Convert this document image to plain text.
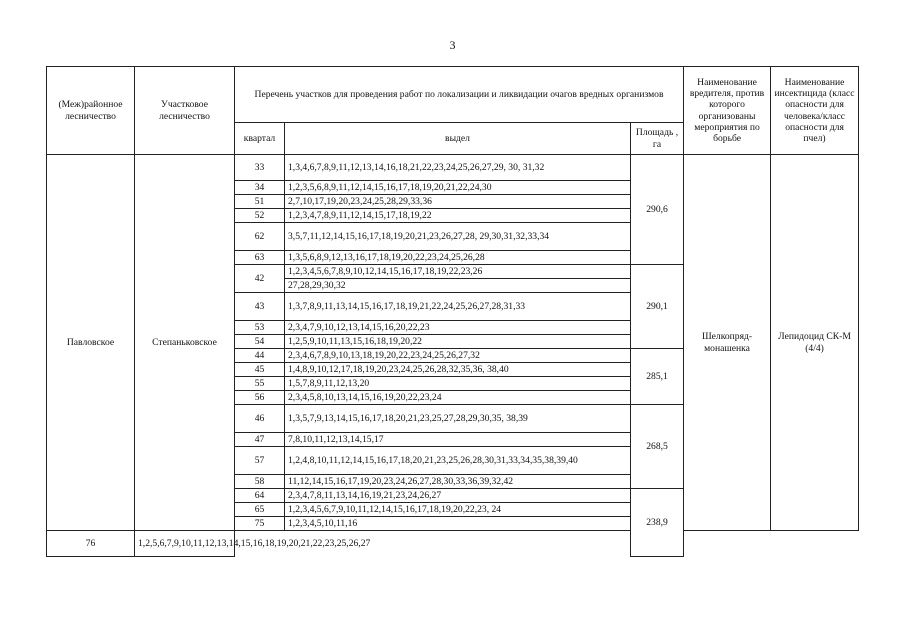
3
(Меж)районное лесничество	Участковое лесничество	Перечень участков для проведения работ по локализации и ликвидации очагов вредных организмов			Наименование вредителя, против которого организованы мероприятия по борьбе	Наименование инсектицида (класс опасности для человека/класс опасности для пчел)
		квартал	выдел	Площадь , га		
Павловское	Степаньковское	33	1,3,4,6,7,8,9,11,12,13,14,16,18,21,22,23,24,25,26,27,29, 30, 31,32	290,6	Шелкопряд-монашенка	Лепидоцид СК-М (4/4)
		34	1,2,3,5,6,8,9,11,12,14,15,16,17,18,19,20,21,22,24,30			
		51	2,7,10,17,19,20,23,24,25,28,29,33,36			
		52	1,2,3,4,7,8,9,11,12,14,15,17,18,19,22			
		62	3,5,7,11,12,14,15,16,17,18,19,20,21,23,26,27,28, 29,30,31,32,33,34			
		63	1,3,5,6,8,9,12,13,16,17,18,19,20,22,23,24,25,26,28			
		42	1,2,3,4,5,6,7,8,9,10,12,14,15,16,17,18,19,22,23,26	290,1		
			27,28,29,30,32			
		43	1,3,7,8,9,11,13,14,15,16,17,18,19,21,22,24,25,26,27,28,31,33			
		53	2,3,4,7,9,10,12,13,14,15,16,20,22,23			
		54	1,2,5,9,10,11,13,15,16,18,19,20,22			
		44	2,3,4,6,7,8,9,10,13,18,19,20,22,23,24,25,26,27,32	285,1		
		45	1,4,8,9,10,12,17,18,19,20,23,24,25,26,28,32,35,36, 38,40			
		55	1,5,7,8,9,11,12,13,20			
		56	2,3,4,5,8,10,13,14,15,16,19,20,22,23,24			
		46	1,3,5,7,9,13,14,15,16,17,18,20,21,23,25,27,28,29,30,35, 38,39	268,5		
		47	7,8,10,11,12,13,14,15,17			
		57	1,2,4,8,10,11,12,14,15,16,17,18,20,21,23,25,26,28,30,31,33,34,35,38,39,40			
		58	11,12,14,15,16,17,19,20,23,24,26,27,28,30,33,36,39,32,42			
		64	2,3,4,7,8,11,13,14,16,19,21,23,24,26,27	238,9		
		65	1,2,3,4,5,6,7,9,10,11,12,14,15,16,17,18,19,20,22,23, 24			
		75	1,2,3,4,5,10,11,16			
76	1,2,5,6,7,9,10,11,12,13,14,15,16,18,19,20,21,22,23,25,26,27					
